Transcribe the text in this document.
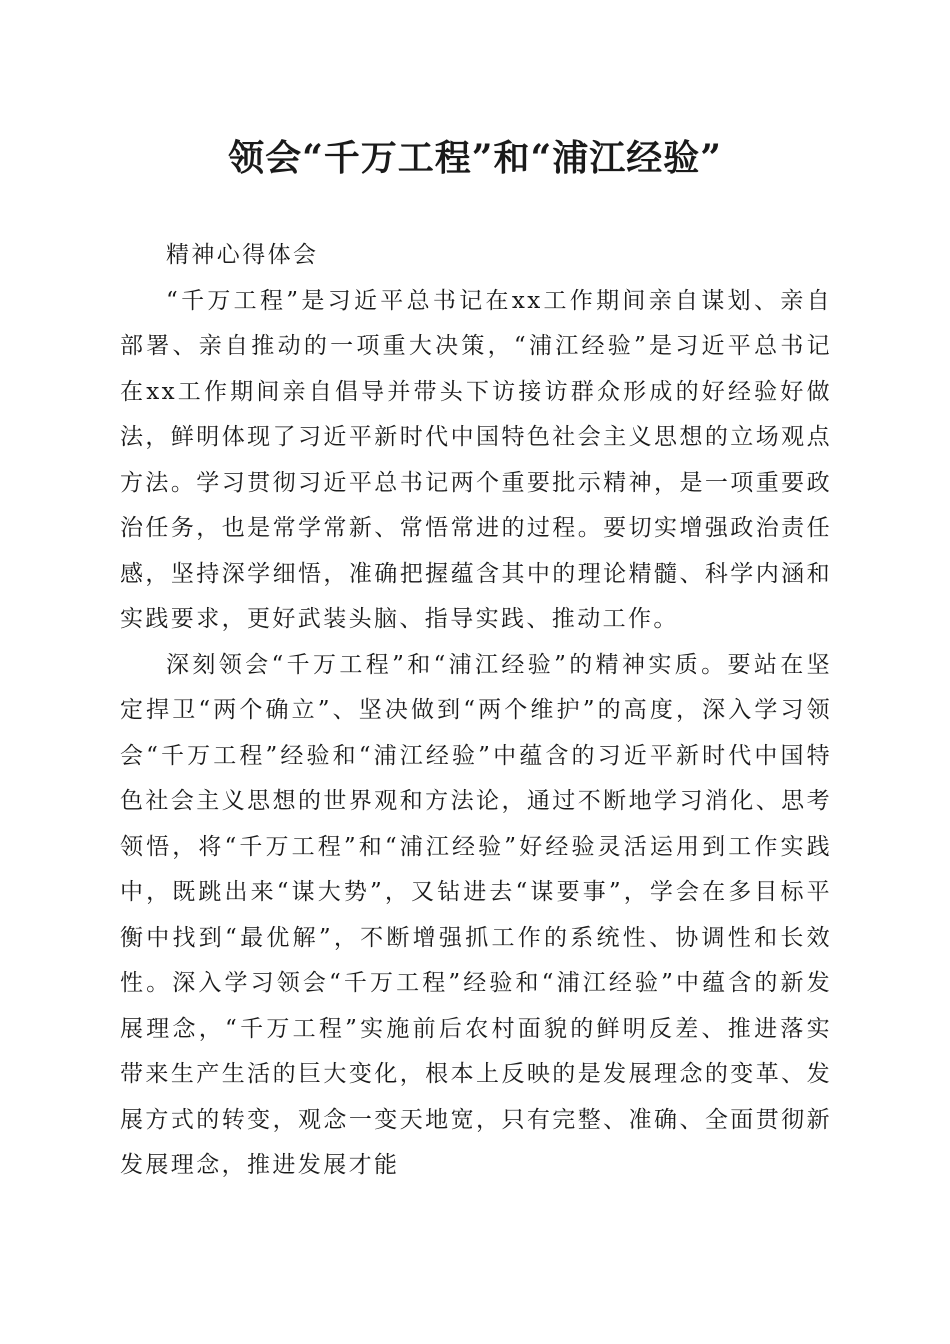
领会“千万工程”和“浦江经验”

精神心得体会

“千万工程”是习近平总书记在xx工作期间亲自谋划、亲自部署、亲自推动的一项重大决策，“浦江经验”是习近平总书记在xx工作期间亲自倡导并带头下访接访群众形成的好经验好做法，鲜明体现了习近平新时代中国特色社会主义思想的立场观点方法。学习贯彻习近平总书记两个重要批示精神，是一项重要政治任务，也是常学常新、常悟常进的过程。要切实增强政治责任感，坚持深学细悟，准确把握蕴含其中的理论精髓、科学内涵和实践要求，更好武装头脑、指导实践、推动工作。

深刻领会“千万工程”和“浦江经验”的精神实质。要站在坚定捍卫“两个确立”、坚决做到“两个维护”的高度，深入学习领会“千万工程”经验和“浦江经验”中蕴含的习近平新时代中国特色社会主义思想的世界观和方法论，通过不断地学习消化、思考领悟，将“千万工程”和“浦江经验”好经验灵活运用到工作实践中，既跳出来“谋大势”，又钻进去“谋要事”，学会在多目标平衡中找到“最优解”，不断增强抓工作的系统性、协调性和长效性。深入学习领会“千万工程”经验和“浦江经验”中蕴含的新发展理念，“千万工程”实施前后农村面貌的鲜明反差、推进落实带来生产生活的巨大变化，根本上反映的是发展理念的变革、发展方式的转变，观念一变天地宽，只有完整、准确、全面贯彻新发展理念，推进发展才能
